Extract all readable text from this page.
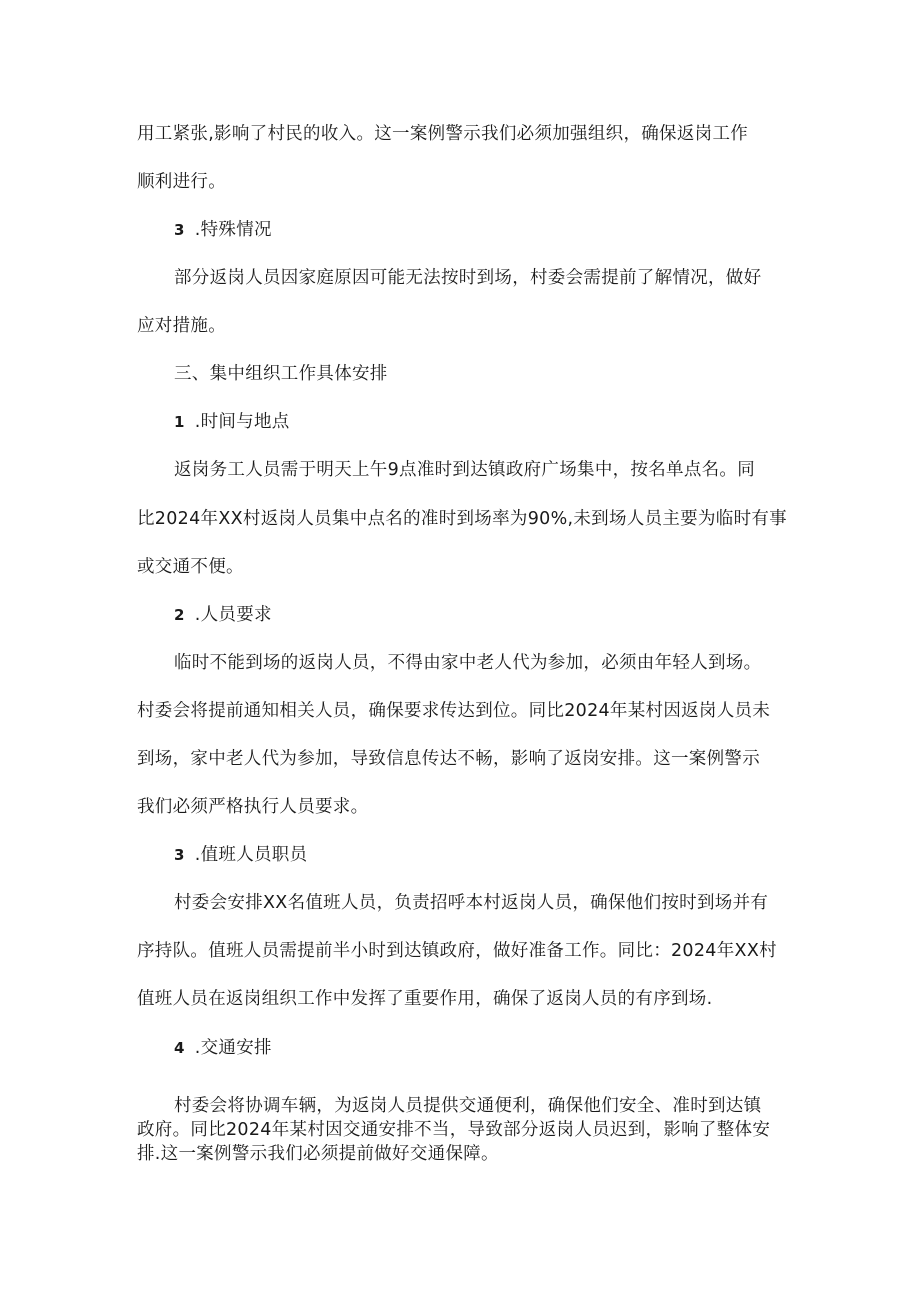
用工紧张,影响了村民的收入。这一案例警示我们必须加强组织，确保返岗工作
顺利进行。
3 .特殊情况
部分返岗人员因家庭原因可能无法按时到场，村委会需提前了解情况，做好
应对措施。
三、集中组织工作具体安排
1 .时间与地点
返岗务工人员需于明天上午9点准时到达镇政府广场集中，按名单点名。同
比2024年XX村返岗人员集中点名的准时到场率为90%,未到场人员主要为临时有事
或交通不便。
2 .人员要求
临时不能到场的返岗人员，不得由家中老人代为参加，必须由年轻人到场。
村委会将提前通知相关人员，确保要求传达到位。同比2024年某村因返岗人员未
到场，家中老人代为参加，导致信息传达不畅，影响了返岗安排。这一案例警示
我们必须严格执行人员要求。
3 .值班人员职员
村委会安排XX名值班人员，负责招呼本村返岗人员，确保他们按时到场并有
序持队。值班人员需提前半小时到达镇政府，做好准备工作。同比：2024年XX村
值班人员在返岗组织工作中发挥了重要作用，确保了返岗人员的有序到场.
4 .交通安排
村委会将协调车辆，为返岗人员提供交通便利，确保他们安全、准时到达镇
政府。同比2024年某村因交通安排不当，导致部分返岗人员迟到，影响了整体安
排.这一案例警示我们必须提前做好交通保障。
